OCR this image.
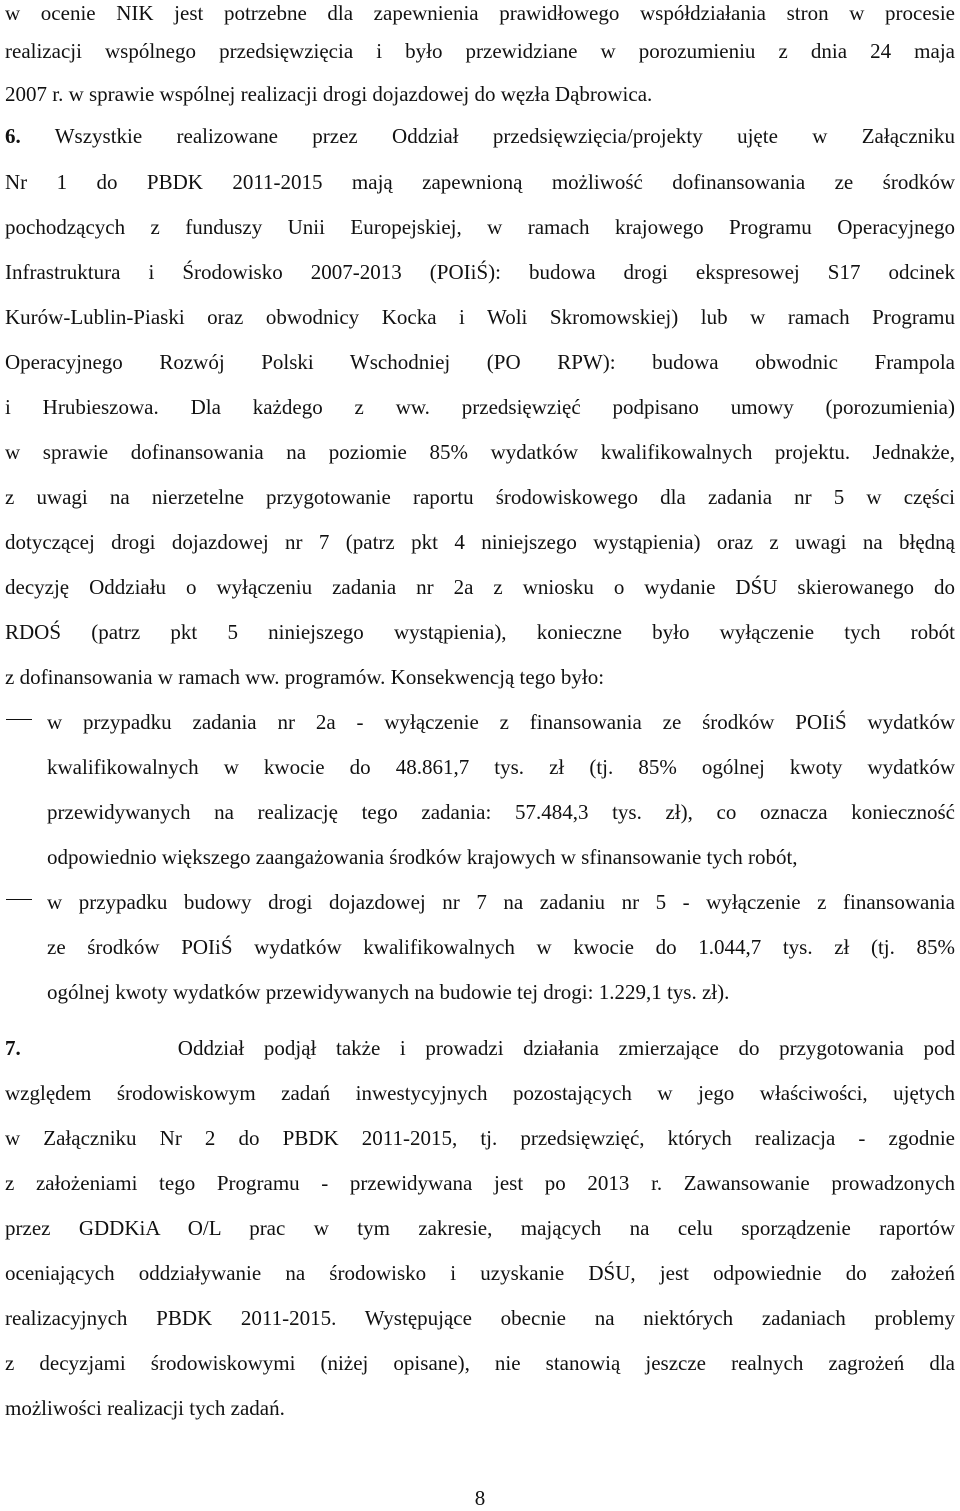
w ocenie NIK jest potrzebne dla zapewnienia prawidłowego współdziałania stron w procesie
realizacji wspólnego przedsięwzięcia i było przewidziane w porozumieniu z dnia 24 maja
2007 r. w sprawie wspólnej realizacji drogi dojazdowej do węzła Dąbrowica.
6. Wszystkie realizowane przez Oddział przedsięwzięcia/projekty ujęte w Załączniku
Nr 1 do PBDK 2011-2015 mają zapewnioną możliwość dofinansowania ze środków
pochodzących z funduszy Unii Europejskiej, w ramach krajowego Programu Operacyjnego
Infrastruktura i Środowisko 2007-2013 (POIiŚ): budowa drogi ekspresowej S17 odcinek
Kurów-Lublin-Piaski oraz obwodnicy Kocka i Woli Skromowskiej) lub w ramach Programu
Operacyjnego Rozwój Polski Wschodniej (PO RPW): budowa obwodnic Frampola
i Hrubieszowa. Dla każdego z ww. przedsięwzięć podpisano umowy (porozumienia)
w sprawie dofinansowania na poziomie 85% wydatków kwalifikowalnych projektu. Jednakże,
z uwagi na nierzetelne przygotowanie raportu środowiskowego dla zadania nr 5 w części
dotyczącej drogi dojazdowej nr 7 (patrz pkt 4 niniejszego wystąpienia) oraz z uwagi na błędną
decyzję Oddziału o wyłączeniu zadania nr 2a z wniosku o wydanie DŚU skierowanego do
RDOŚ (patrz pkt 5 niniejszego wystąpienia), konieczne było wyłączenie tych robót
z dofinansowania w ramach ww. programów. Konsekwencją tego było:
w przypadku zadania nr 2a - wyłączenie z finansowania ze środków POIiŚ wydatków
kwalifikowalnych w kwocie do 48.861,7 tys. zł (tj. 85% ogólnej kwoty wydatków
przewidywanych na realizację tego zadania: 57.484,3 tys. zł), co oznacza konieczność
odpowiednio większego zaangażowania środków krajowych w sfinansowanie tych robót,
w przypadku budowy drogi dojazdowej nr 7 na zadaniu nr 5 - wyłączenie z finansowania
ze środków POIiŚ wydatków kwalifikowalnych w kwocie do 1.044,7 tys. zł (tj. 85%
ogólnej kwoty wydatków przewidywanych na budowie tej drogi: 1.229,1 tys. zł).
7.	Oddział podjął także i prowadzi działania zmierzające do przygotowania pod
względem środowiskowym zadań inwestycyjnych pozostających w jego właściwości, ujętych
w Załączniku Nr 2 do PBDK 2011-2015, tj. przedsięwzięć, których realizacja - zgodnie
z założeniami tego Programu - przewidywana jest po 2013 r. Zawansowanie prowadzonych
przez GDDKiA O/L prac w tym zakresie, mających na celu sporządzenie raportów
oceniających oddziaływanie na środowisko i uzyskanie DŚU, jest odpowiednie do założeń
realizacyjnych PBDK 2011-2015. Występujące obecnie na niektórych zadaniach problemy
z decyzjami środowiskowymi (niżej opisane), nie stanowią jeszcze realnych zagrożeń dla
możliwości realizacji tych zadań.
8
